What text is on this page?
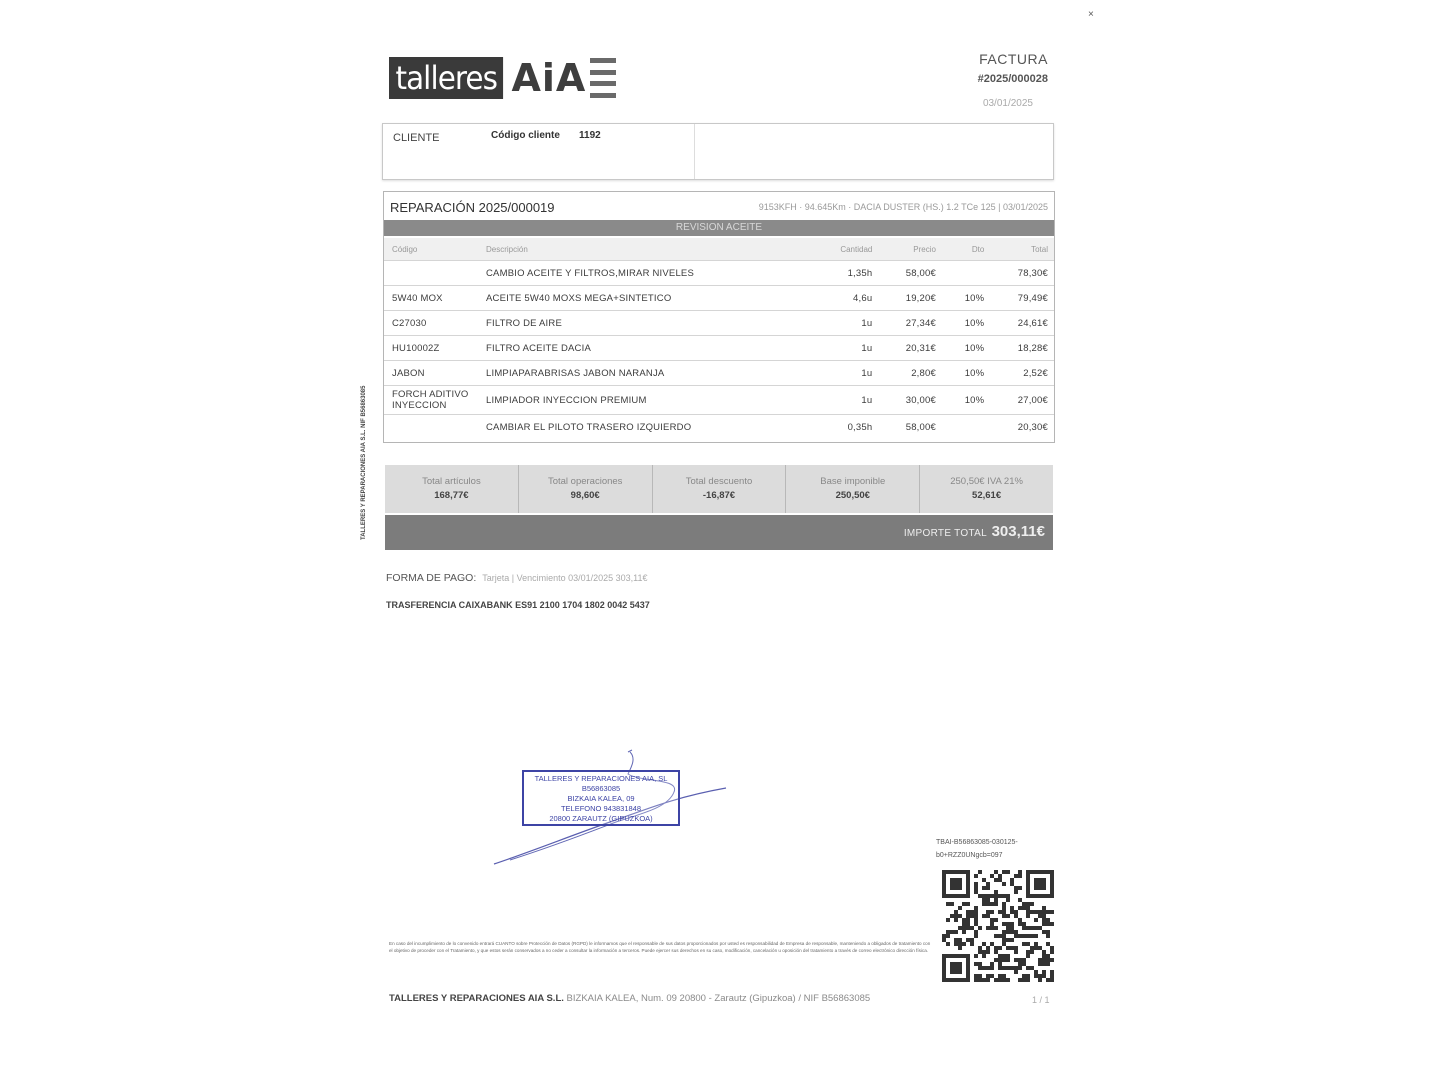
×
talleres AiA	FACTURA
#2025/000028
03/01/2025
CLIENTE	Código cliente 1192
REPARACIÓN 2025/000019	9153KFH · 94.645Km · DACIA DUSTER (HS.) 1.2 TCe 125 | 03/01/2025
REVISION ACEITE
Código	Descripción	Cantidad	Precio	Dto	Total
	CAMBIO ACEITE Y FILTROS,MIRAR NIVELES	1,35h	58,00€		78,30€
5W40 MOX	ACEITE 5W40 MOXS MEGA+SINTETICO	4,6u	19,20€	10%	79,49€
C27030	FILTRO DE AIRE	1u	27,34€	10%	24,61€
HU10002Z	FILTRO ACEITE DACIA	1u	20,31€	10%	18,28€
JABON	LIMPIAPARABRISAS JABON NARANJA	1u	2,80€	10%	2,52€
FORCH ADITIVO INYECCION	LIMPIADOR INYECCION PREMIUM	1u	30,00€	10%	27,00€
	CAMBIAR EL PILOTO TRASERO IZQUIERDO	0,35h	58,00€		20,30€
Total artículos
168,77€
Total operaciones
98,60€
Total descuento
-16,87€
Base imponible
250,50€
250,50€ IVA 21%
52,61€
IMPORTE TOTAL 303,11€
FORMA DE PAGO: Tarjeta | Vencimiento 03/01/2025 303,11€
TRASFERENCIA CAIXABANK ES91 2100 1704 1802 0042 5437
TALLERES Y REPARACIONES AIA S.L. NIF B56863085
TALLERES Y REPARACIONES AIA, SL
B56863085
BIZKAIA KALEA, 09
TELEFONO 943831848
20800 ZARAUTZ (GIPUZKOA)
TBAI-B56863085-030125-b0+RZZ0UNgcb=097
En caso del incumplimiento de lo convenido entrará CUANTO sobre Protección de Datos (RGPD) le informamos que el responsable de sus datos proporcionados por usted es responsabilidad de Empresa de responsable, manteniendo a obligados de tratamiento con el objetivo de proceder con el Tratamiento, y que estos serán conservados a no ceder a consultar la información a terceros. Puede ejercer sus derechos en su caso, modificación, cancelación u oposición del tratamiento a través de correo electrónico dirección física.
TALLERES Y REPARACIONES AIA S.L. BIZKAIA KALEA, Num. 09 20800 - Zarautz (Gipuzkoa) / NIF B56863085	1 / 1
